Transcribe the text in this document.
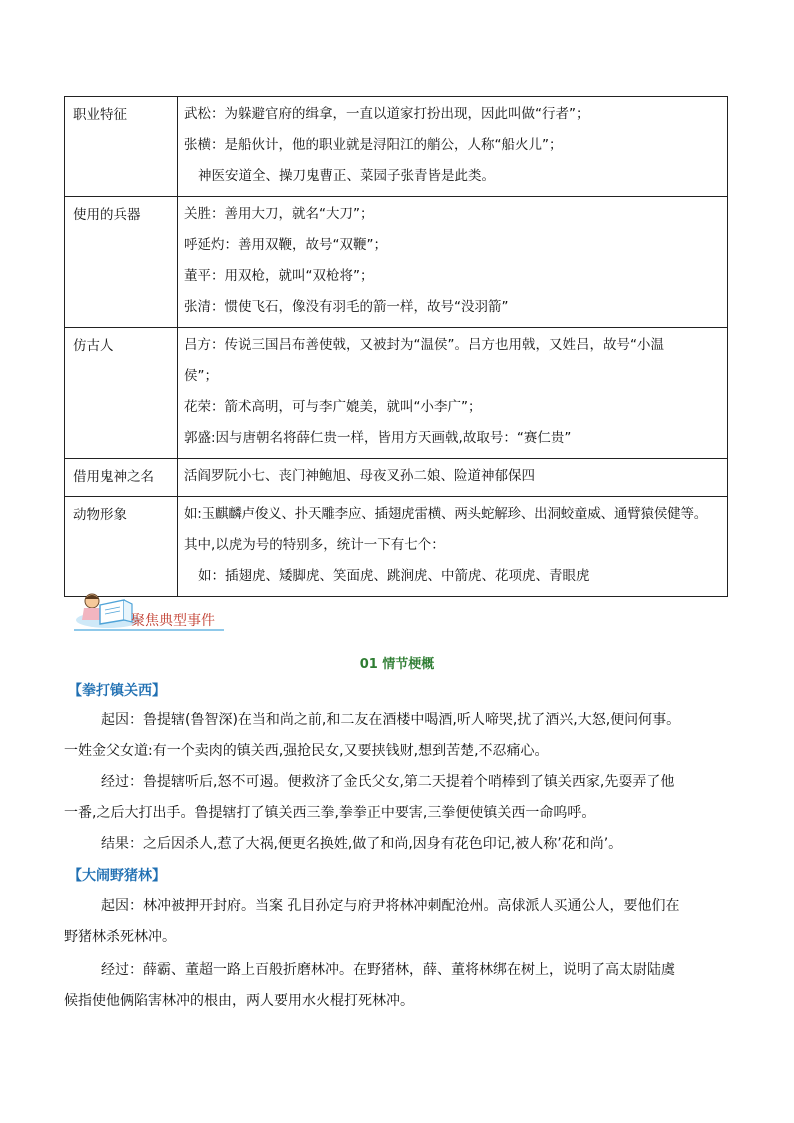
职业特征	武松：为躲避官府的缉拿，一直以道家打扮出现，因此叫做“行者”；
张横：是船伙计，他的职业就是浔阳江的艄公，人称“船火儿”；
神医安道全、操刀鬼曹正、菜园子张青皆是此类。

使用的兵器	关胜：善用大刀，就名“大刀”；
呼延灼：善用双鞭，故号“双鞭”；
董平：用双枪，就叫“双枪将”；
张清：惯使飞石，像没有羽毛的箭一样，故号“没羽箭”

仿古人	吕方：传说三国吕布善使戟，又被封为“温侯”。吕方也用戟，又姓吕，故号“小温
侯”；
花荣：箭术高明，可与李广媲美，就叫“小李广”；
郭盛:因与唐朝名将薛仁贵一样，皆用方天画戟,故取号：“赛仁贵”

借用鬼神之名	活阎罗阮小七、丧门神鲍旭、母夜叉孙二娘、险道神郁保四

动物形象	如:玉麒麟卢俊义、扑天雕李应、插翅虎雷横、两头蛇解珍、出洞蛟童威、通臂猿侯健等。
其中,以虎为号的特别多，统计一下有七个：
如：插翅虎、矮脚虎、笑面虎、跳涧虎、中箭虎、花项虎、青眼虎
聚焦典型事件
01 情节梗概
【拳打镇关西】
起因：鲁提辖(鲁智深)在当和尚之前,和二友在酒楼中喝酒,听人啼哭,扰了酒兴,大怒,便问何事。
一姓金父女道:有一个卖肉的镇关西,强抢民女,又要挟钱财,想到苦楚,不忍痛心。
经过：鲁提辖听后,怒不可遏。便救济了金氏父女,第二天提着个哨棒到了镇关西家,先耍弄了他
一番,之后大打出手。鲁提辖打了镇关西三拳,拳拳正中要害,三拳便使镇关西一命呜呼。
结果：之后因杀人,惹了大祸,便更名换姓,做了和尚,因身有花色印记,被人称’花和尚’。
【大闹野猪林】
起因：林冲被押开封府。当案 孔目孙定与府尹将林冲刺配沧州。高俅派人买通公人，要他们在
野猪林杀死林冲。
经过：薛霸、董超一路上百般折磨林冲。在野猪林，薛、董将林绑在树上，说明了高太尉陆虞
候指使他俩陷害林冲的根由，两人要用水火棍打死林冲。
